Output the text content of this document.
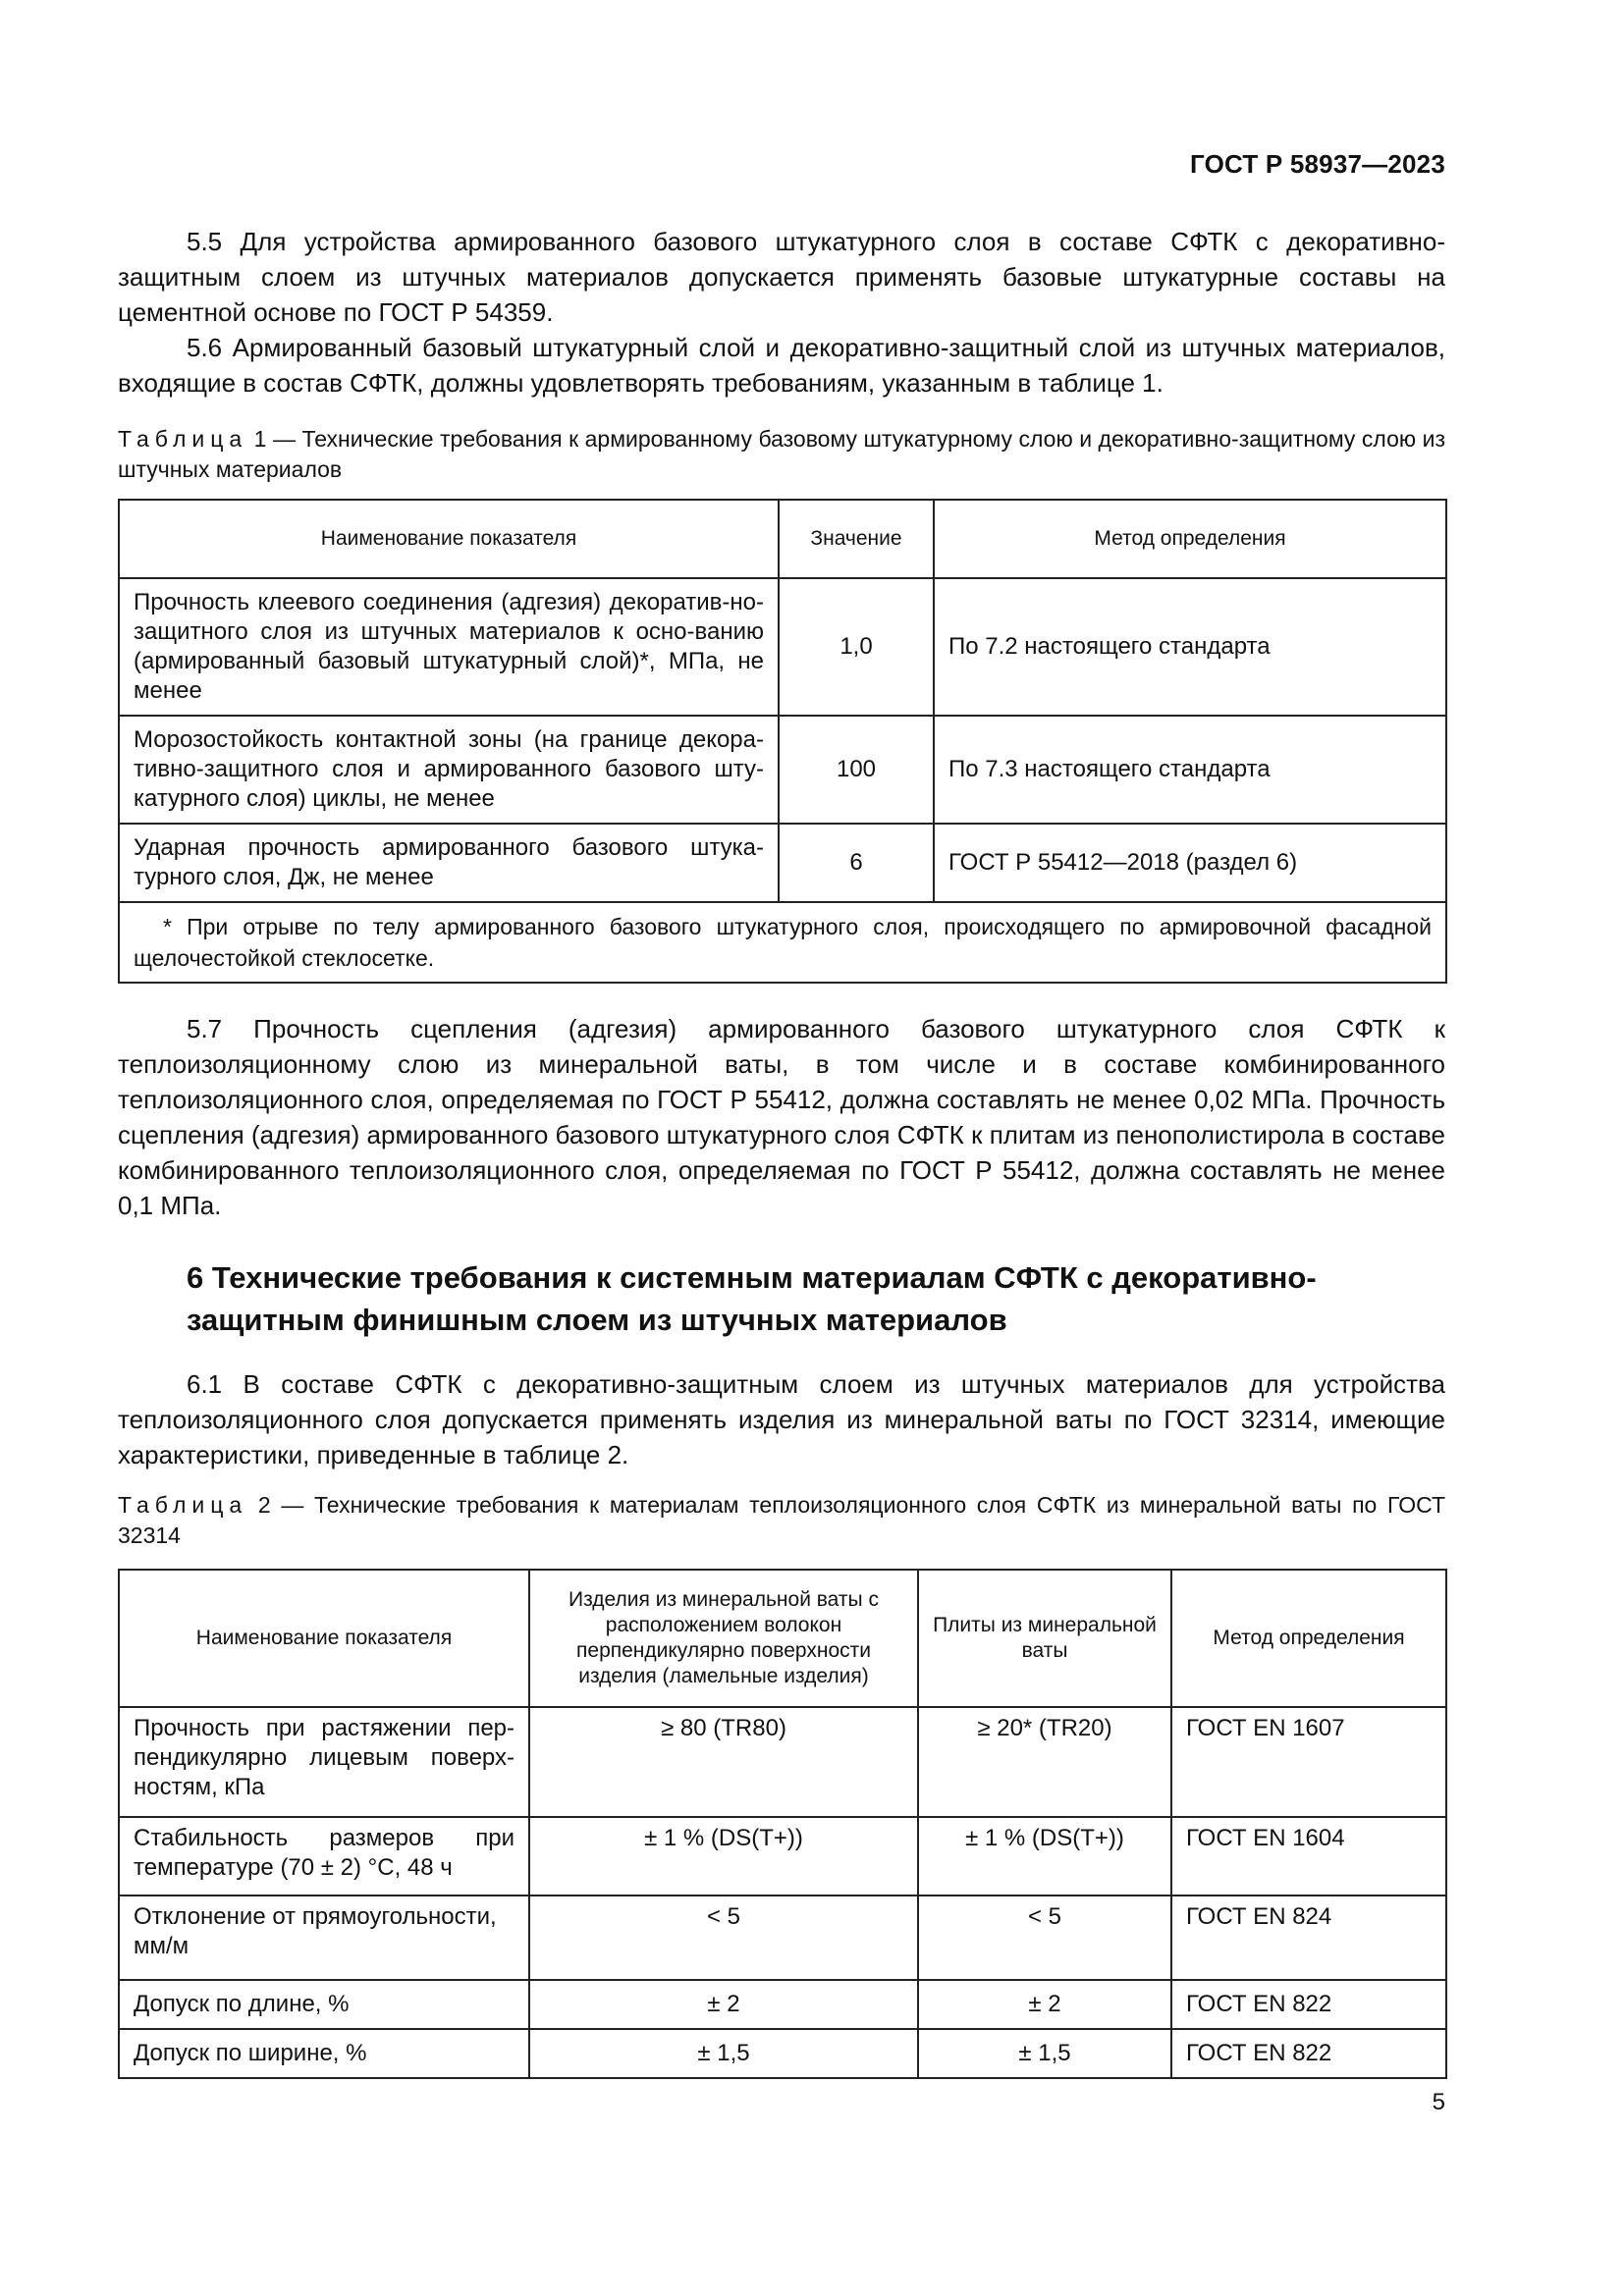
ГОСТ Р 58937—2023

5.5 Для устройства армированного базового штукатурного слоя в составе СФТК с декоративно-защитным слоем из штучных материалов допускается применять базовые штукатурные составы на цементной основе по ГОСТ Р 54359.

5.6 Армированный базовый штукатурный слой и декоративно-защитный слой из штучных материалов, входящие в состав СФТК, должны удовлетворять требованиям, указанным в таблице 1.

Таблица 1 — Технические требования к армированному базовому штукатурному слою и декоративно-защитному слою из штучных материалов

Наименование показателя	Значение	Метод определения
Прочность клеевого соединения (адгезия) декоратив-но-защитного слоя из штучных материалов к осно-ванию (армированный базовый штукатурный слой)*, МПа, не менее	1,0	По 7.2 настоящего стандарта
Морозостойкость контактной зоны (на границе декора-тивно-защитного слоя и армированного базового шту-катурного слоя) циклы, не менее	100	По 7.3 настоящего стандарта
Ударная прочность армированного базового штука-турного слоя, Дж, не менее	6	ГОСТ Р 55412—2018 (раздел 6)
* При отрыве по телу армированного базового штукатурного слоя, происходящего по армировочной фасадной щелочестойкой стеклосетке.		

5.7 Прочность сцепления (адгезия) армированного базового штукатурного слоя СФТК к теплоизоляционному слою из минеральной ваты, в том числе и в составе комбинированного теплоизоляционного слоя, определяемая по ГОСТ Р 55412, должна составлять не менее 0,02 МПа. Прочность сцепления (адгезия) армированного базового штукатурного слоя СФТК к плитам из пенополистирола в составе комбинированного теплоизоляционного слоя, определяемая по ГОСТ Р 55412, должна составлять не менее 0,1 МПа.

6 Технические требования к системным материалам СФТК с декоративно-защитным финишным слоем из штучных материалов

6.1 В составе СФТК с декоративно-защитным слоем из штучных материалов для устройства теплоизоляционного слоя допускается применять изделия из минеральной ваты по ГОСТ 32314, имеющие характеристики, приведенные в таблице 2.

Таблица 2 — Технические требования к материалам теплоизоляционного слоя СФТК из минеральной ваты по ГОСТ 32314

Наименование показателя	Изделия из минеральной ваты с расположением волокон перпендикулярно поверхности изделия (ламельные изделия)	Плиты из минеральной ваты	Метод определения
Прочность при растяжении пер-пендикулярно лицевым поверх-ностям, кПа	≥ 80 (TR80)	≥ 20* (TR20)	ГОСТ EN 1607
Стабильность размеров при температуре (70 ± 2) °С, 48 ч	± 1 % (DS(T+))	± 1 % (DS(T+))	ГОСТ EN 1604
Отклонение от прямоугольности, мм/м	< 5	< 5	ГОСТ EN 824
Допуск по длине, %	± 2	± 2	ГОСТ EN 822
Допуск по ширине, %	± 1,5	± 1,5	ГОСТ EN 822
5
